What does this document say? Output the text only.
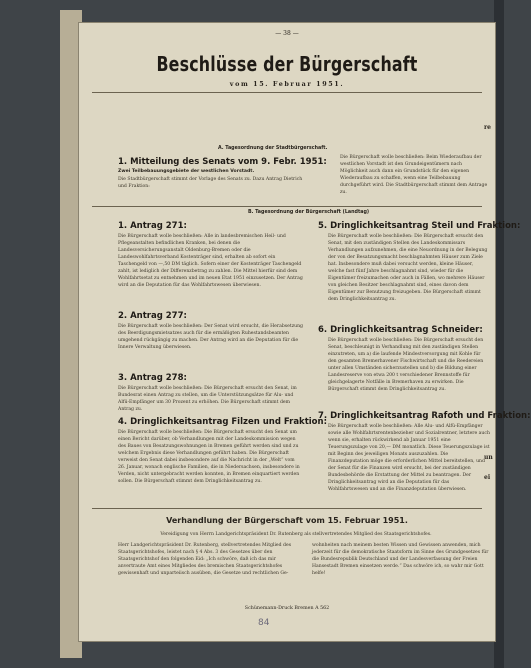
— 38 —
Beschlüsse der Bürgerschaft
vom 15. Februar 1951.
A. Tagesordnung der Stadtbürgerschaft.
1. Mitteilung des Senats vom 9. Febr. 1951:
Zwei Teilbebauungsgebiete der westlichen Vorstadt.
Die Stadtbürgerschaft stimmt der Vorlage des Senats zu. Dazu Antrag Dietrich und Fraktion:
Die Bürgerschaft wolle beschließen: Beim Wiederaufbau der westlichen Vorstadt ist den Grundeigentümern nach Möglichkeit auch dann ein Grundstück für den eigenen Wiederaufbau zu schaffen, wenn eine Teilbebauung durchgeführt wird. Die Stadtbürgerschaft stimmt dem Antrage zu.
B. Tagesordnung der Bürgerschaft (Landtag)
1. Antrag 271:
Die Bürgerschaft wolle beschließen: Alle in landesbremischen Heil- und Pflegeanstalten befindlichen Kranken, bei denen die Landesversicherungsanstalt Oldenburg-Bremen oder die Landeswohlfahrtsverband Kostenträger sind, erhalten ab sofort ein Taschengeld von —,50 DM täglich. Sofern einer der Kostenträger Taschengeld zahlt, ist lediglich der Differenzbetrag zu zahlen. Die Mittel hierfür sind dem Wohlfahrtsetat zu entnehmen und im neuen Etat 1951 einzusetzen. Der Antrag wird an die Deputation für das Wohlfahrtswesen überwiesen.
2. Antrag 277:
Die Bürgerschaft wolle beschließen: Der Senat wird ersucht, die Herabsetzung des Beerdigungsmietsatzes auch für die ermäßigten Ruhestandsbeamten umgehend rückgängig zu machen. Der Antrag wird an die Deputation für die Innere Verwaltung überwiesen.
3. Antrag 278:
Die Bürgerschaft wolle beschließen: Die Bürgerschaft ersucht den Senat, im Bundesrat einen Antrag zu stellen, um die Unterstützungsätze für Alu- und Alfü-Empfänger um 30 Prozent zu erhöhen. Die Bürgerschaft stimmt dem Antrag zu.
4. Dringlichkeitsantrag Filzen und Fraktion:
Die Bürgerschaft wolle beschließen: Die Bürgerschaft ersucht den Senat um einen Bericht darüber, ob Verhandlungen mit der Landeskommission wegen des Baues von Besatzungswohnungen in Bremen geführt werden sind und zu welchem Ergebnis diese Verhandlungen geführt haben. Die Bürgerschaft verweist den Senat dabei insbesondere auf die Nachricht in der „Welt“ vom 26. Januar, wonach englische Familien, die in Niedersachsen, insbesondere in Verden, nicht untergebracht werden konnten, in Bremen einquartiert werden sollen. Die Bürgerschaft stimmt dem Dringlichkeitsantrag zu.
5. Dringlichkeitsantrag Steil und Fraktion:
Die Bürgerschaft wolle beschließen: Die Bürgerschaft ersucht den Senat, mit den zuständigen Stellen des Landeskommissars Verhandlungen aufzunehmen, die eine Neuordnung in der Belegung der von der Besatzungsmacht beschlagnahmten Häuser zum Ziele hat. Insbesondere muß dabei versucht werden, kleine Häuser, welche fast fünf Jahre beschlagnahmt sind, wieder für die Eigentümer freizumachen oder auch in Fällen, wo mehrere Häuser von gleichen Besitzer beschlagnahmt sind, eines davon dem Eigentümer zur Benutzung freizugeben. Die Bürgerschaft stimmt dem Dringlichkeitsantrag zu.
6. Dringlichkeitsantrag Schneider:
Die Bürgerschaft wolle beschließen: Die Bürgerschaft ersucht den Senat, beschleunigt in Verhandlung mit den zuständigen Stellen einzutreten, um a) die laufende Mindestversorgung mit Kohle für den gesamten Bremerhavener Fischwirtschaft und die Reedereien unter allen Umständen sicherzustellen und b) die Bildung einer Landesreserve von etwa 200 t verschiedener Brennstoffe für gleichgelagerte Notfälle in Bremerhaven zu erwirken. Die Bürgerschaft stimmt dem Dringlichkeitsantrag zu.
7. Dringlichkeitsantrag Rafoth und Fraktion:
Die Bürgerschaft wolle beschließen: Alle Alu- und Alfü-Empfänger sowie alle Wohlfahrtsrentenbezieher und Sozialrentner, letztere auch wenn sie, erhalten rückwirkend ab Januar 1951 eine Teuerungszulage von 20,— DM monatlich. Diese Teuerungszulage ist mit Beginn des jeweiligen Monats auszuzahlen. Die Finanzdeputation möge die erforderlichen Mittel bereitstellen, und der Senat für die Finanzen wird ersucht, bei der zuständigen Bundesbehörde die Erstattung der Mittel zu beantragen. Der Dringlichkeitsantrag wird an die Deputation für das Wohlfahrtswesen und an die Finanzdeputation überwiesen.
Verhandlung der Bürgerschaft vom 15. Februar 1951.
Vereidigung von Herrn Landgerichtspräsident Dr. Rutenberg als stellvertretendes Mitglied des Staatsgerichtshofes.
Herr Landgerichtspräsident Dr. Rutenberg, stellvertretendes Mitglied des Staatsgerichtshofes, leistet nach § 4 Abs. 3 des Gesetzes über den Staatsgerichtshof den folgenden Eid: „Ich schwöre, daß ich das mir anvertraute Amt eines Mitgliedes des bremischen Staatsgerichtshofes gewissenhaft und unparteiisch ausüben, die Gesetze und rechtlichen Ge-
wohnheiten nach meinem besten Wissen und Gewissen anwenden, mich jederzeit für die demokratische Staatsform im Sinne des Grundgesetzes für die Bundesrepublik Deutschland und der Landesverfassung der Freien Hansestadt Bremen einsetzen werde.“ Das schwöre ich, so wahr mir Gott helfe!
Schünemann-Druck Bremen A 562
84
re
un
ei
